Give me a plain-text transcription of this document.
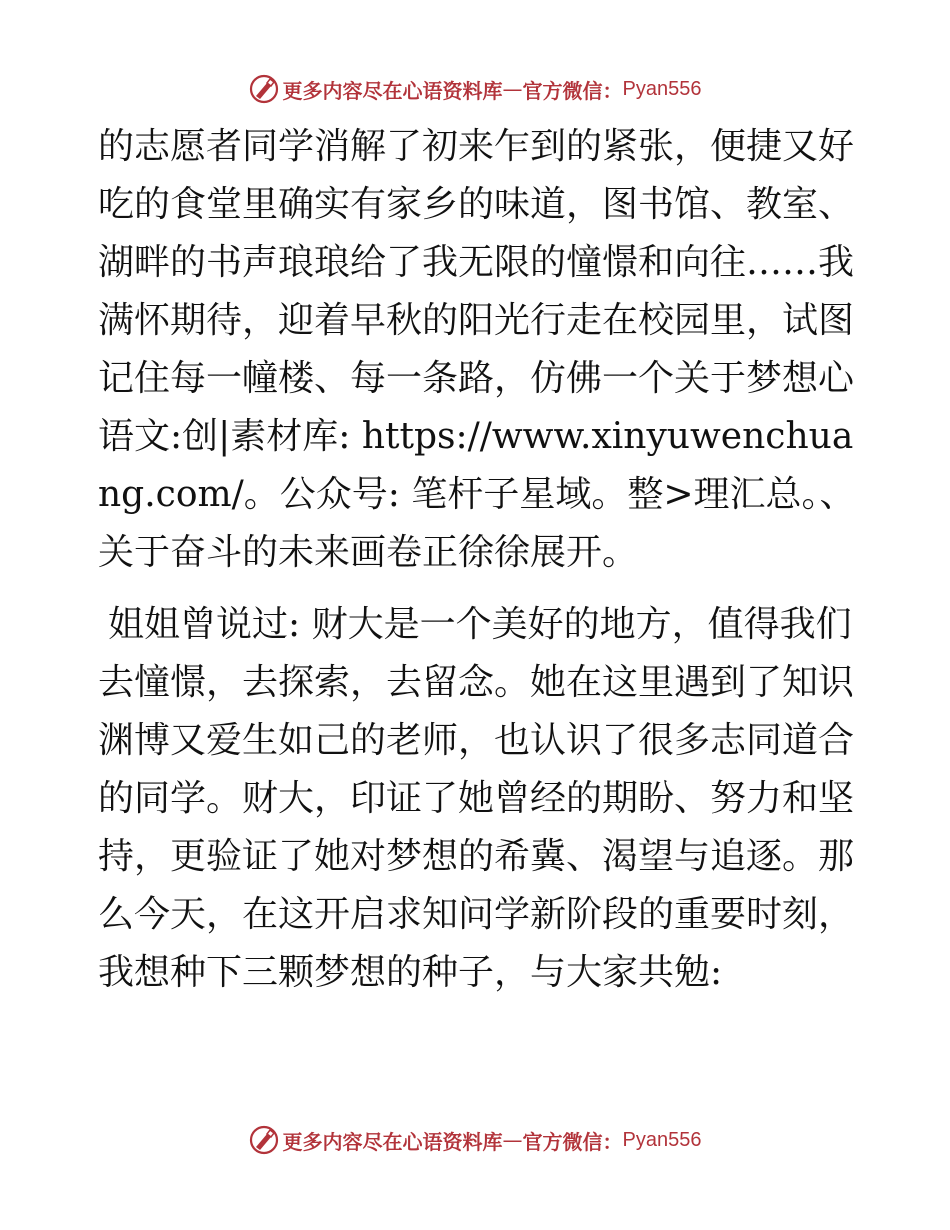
更多内容尽在心语资料库 — 官方微信： Pyan556

的志愿者同学消解了初来乍到的紧张，便捷又好吃的食堂里确实有家乡的味道，图书馆、教室、湖畔的书声琅琅给了我无限的憧憬和向往……我满怀期待，迎着早秋的阳光行走在校园里，试图记住每一幢楼、每一条路，仿佛一个关于梦想心语文:创|素材库: https://www.xinyuwenchuang.com/。公众号: 笔杆子星域。整>理汇总。、关于奋斗的未来画卷正徐徐展开。

姐姐曾说过: 财大是一个美好的地方，值得我们去憧憬，去探索，去留念。她在这里遇到了知识渊博又爱生如己的老师，也认识了很多志同道合的同学。财大，印证了她曾经的期盼、努力和坚持，更验证了她对梦想的希冀、渴望与追逐。那么今天，在这开启求知问学新阶段的重要时刻，我想种下三颗梦想的种子，与大家共勉:

更多内容尽在心语资料库 — 官方微信： Pyan556
